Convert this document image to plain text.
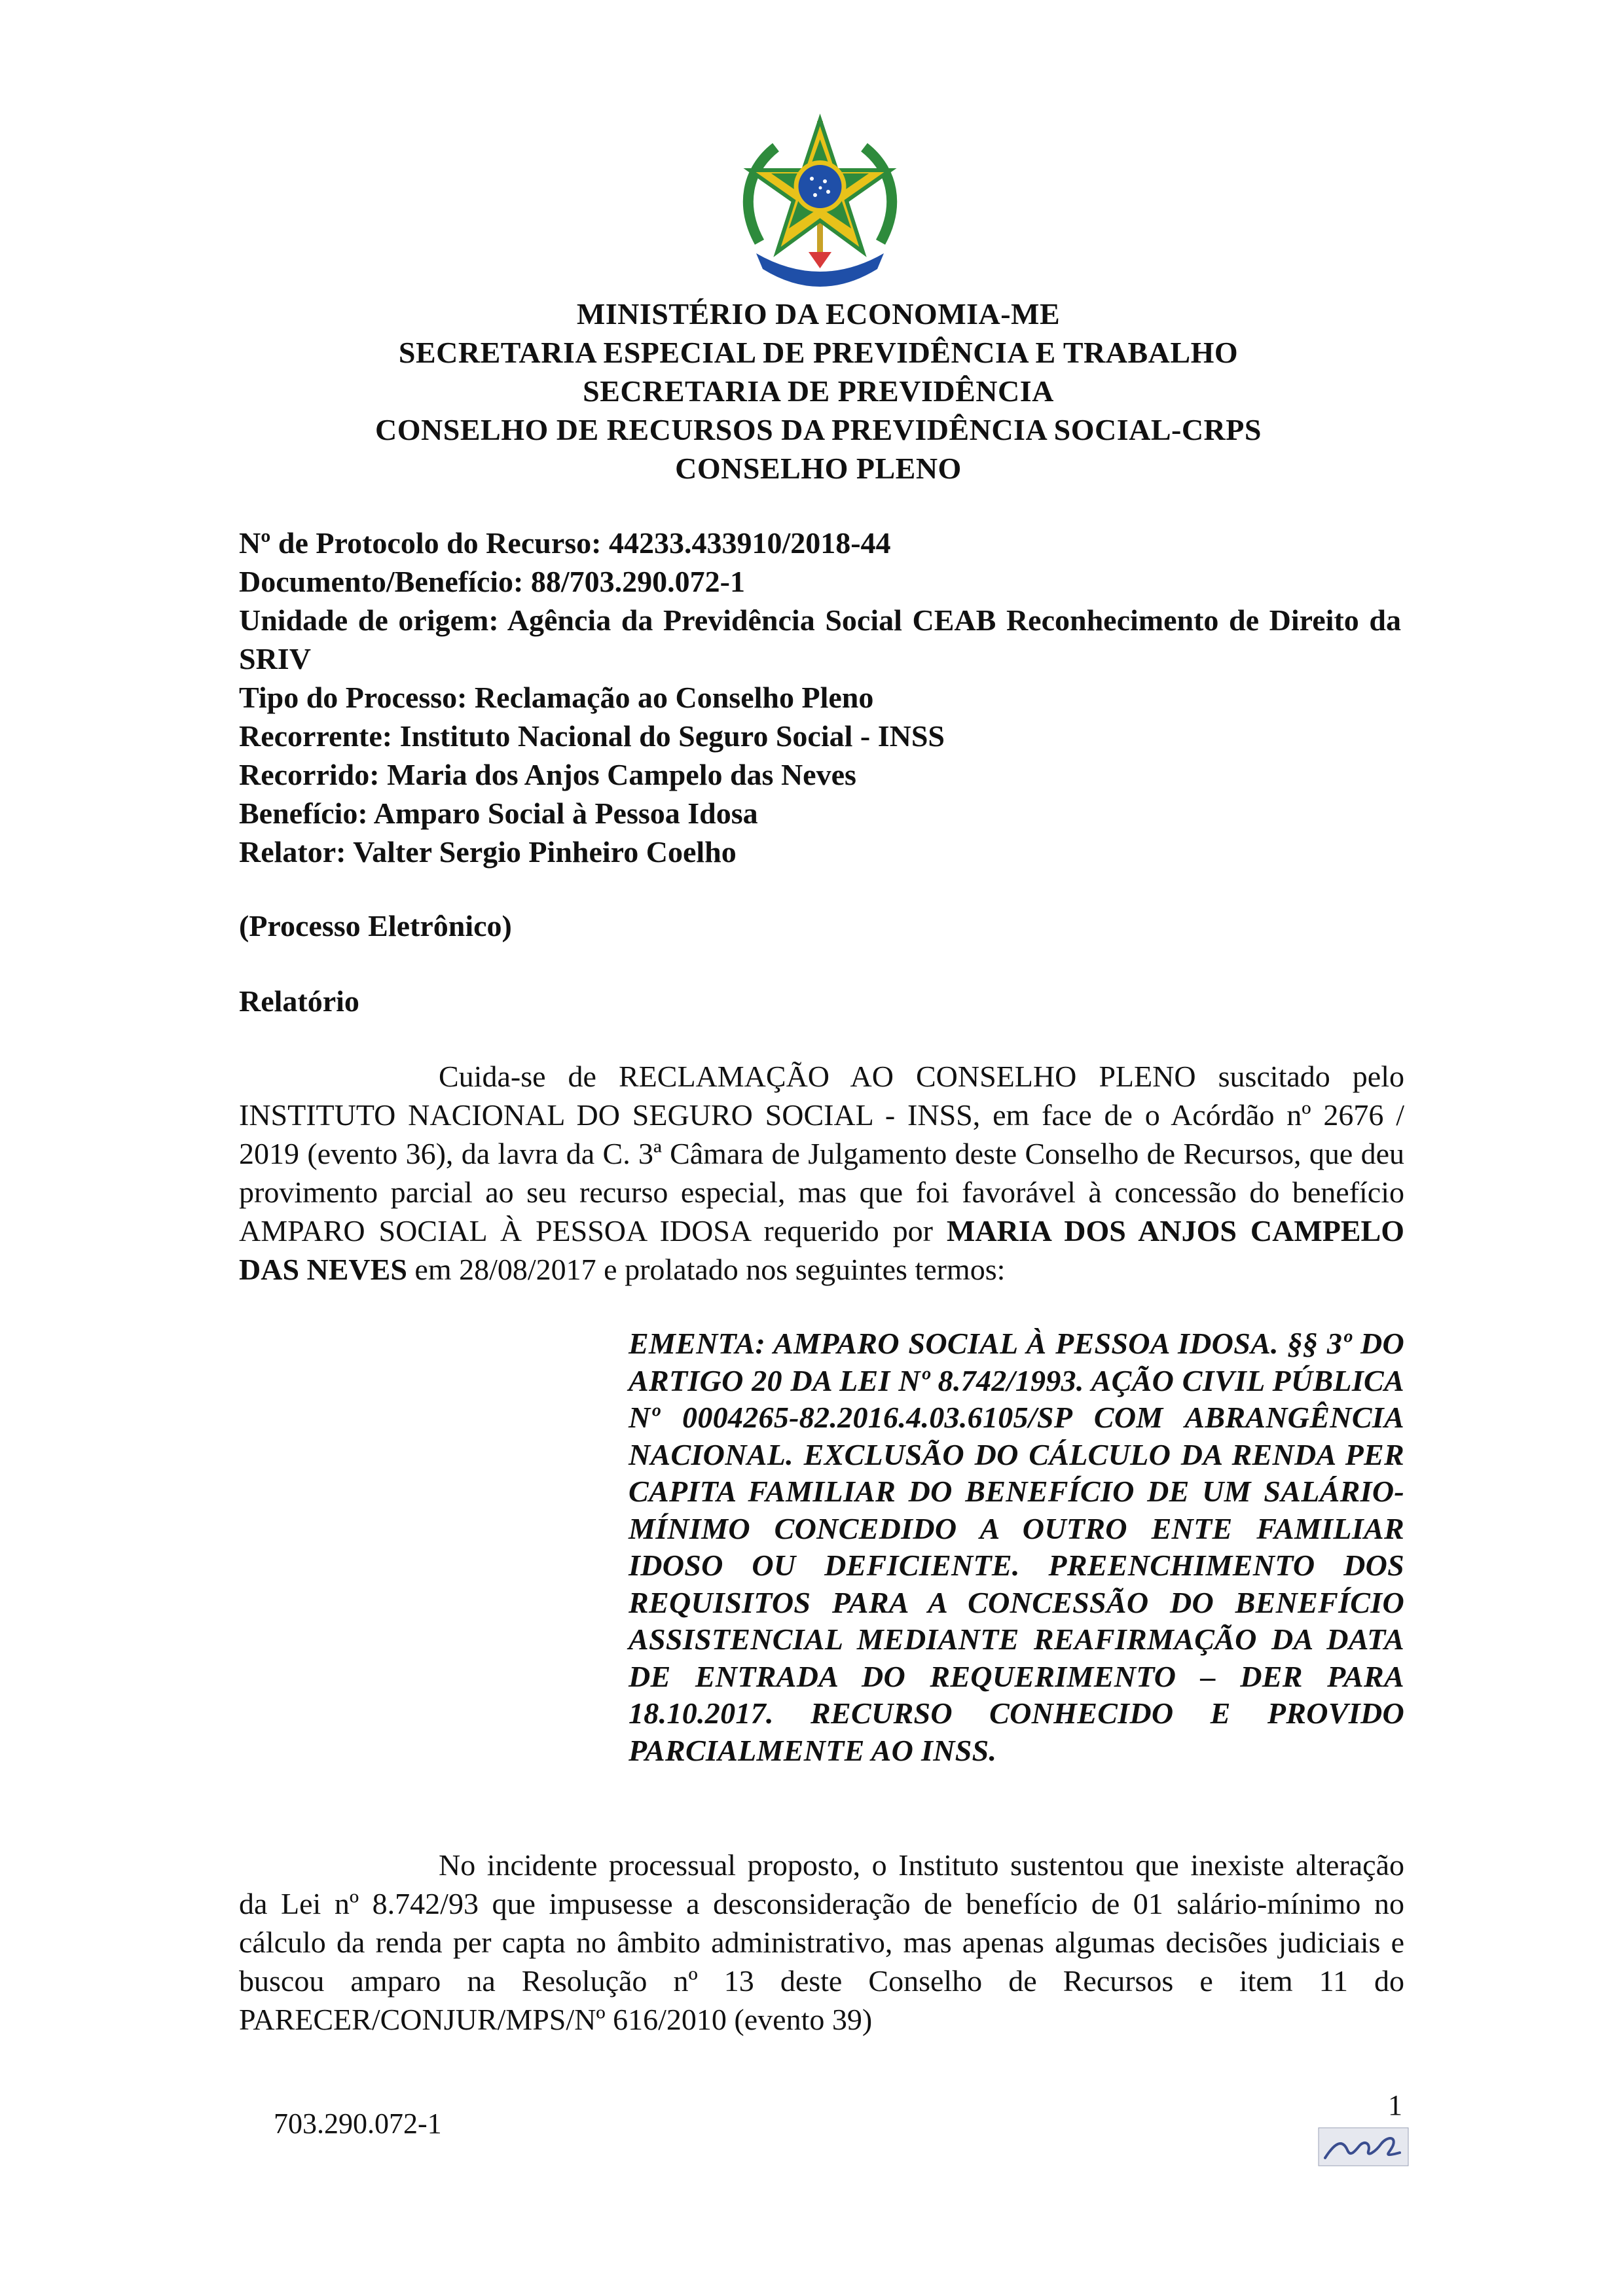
MINISTÉRIO DA ECONOMIA-ME
SECRETARIA ESPECIAL DE PREVIDÊNCIA E TRABALHO
SECRETARIA DE PREVIDÊNCIA
CONSELHO DE RECURSOS DA PREVIDÊNCIA SOCIAL-CRPS
CONSELHO PLENO
Nº de Protocolo do Recurso: 44233.433910/2018-44
Documento/Benefício: 88/703.290.072-1
Unidade de origem: Agência da Previdência Social CEAB Reconhecimento de Direito da SRIV
Tipo do Processo: Reclamação ao Conselho Pleno
Recorrente: Instituto Nacional do Seguro Social - INSS
Recorrido: Maria dos Anjos Campelo das Neves
Benefício: Amparo Social à Pessoa Idosa
Relator: Valter Sergio Pinheiro Coelho
(Processo Eletrônico)
Relatório
Cuida-se de RECLAMAÇÃO AO CONSELHO PLENO suscitado pelo INSTITUTO NACIONAL DO SEGURO SOCIAL - INSS, em face de o Acórdão nº 2676 / 2019 (evento 36), da lavra da C. 3ª Câmara de Julgamento deste Conselho de Recursos, que deu provimento parcial ao seu recurso especial, mas que foi favorável à concessão do benefício AMPARO SOCIAL À PESSOA IDOSA requerido por MARIA DOS ANJOS CAMPELO DAS NEVES em 28/08/2017 e prolatado nos seguintes termos:
EMENTA: AMPARO SOCIAL À PESSOA IDOSA. §§ 3º DO ARTIGO 20 DA LEI Nº 8.742/1993. AÇÃO CIVIL PÚBLICA Nº 0004265-82.2016.4.03.6105/SP COM ABRANGÊNCIA NACIONAL. EXCLUSÃO DO CÁLCULO DA RENDA PER CAPITA FAMILIAR DO BENEFÍCIO DE UM SALÁRIO-MÍNIMO CONCEDIDO A OUTRO ENTE FAMILIAR IDOSO OU DEFICIENTE. PREENCHIMENTO DOS REQUISITOS PARA A CONCESSÃO DO BENEFÍCIO ASSISTENCIAL MEDIANTE REAFIRMAÇÃO DA DATA DE ENTRADA DO REQUERIMENTO – DER PARA 18.10.2017. RECURSO CONHECIDO E PROVIDO PARCIALMENTE AO INSS.
No incidente processual proposto, o Instituto sustentou que inexiste alteração da Lei nº 8.742/93 que impusesse a desconsideração de benefício de 01 salário-mínimo no cálculo da renda per capta no âmbito administrativo, mas apenas algumas decisões judiciais e buscou amparo na Resolução nº 13 deste Conselho de Recursos e item 11 do PARECER/CONJUR/MPS/Nº 616/2010 (evento 39)
703.290.072-1
1
